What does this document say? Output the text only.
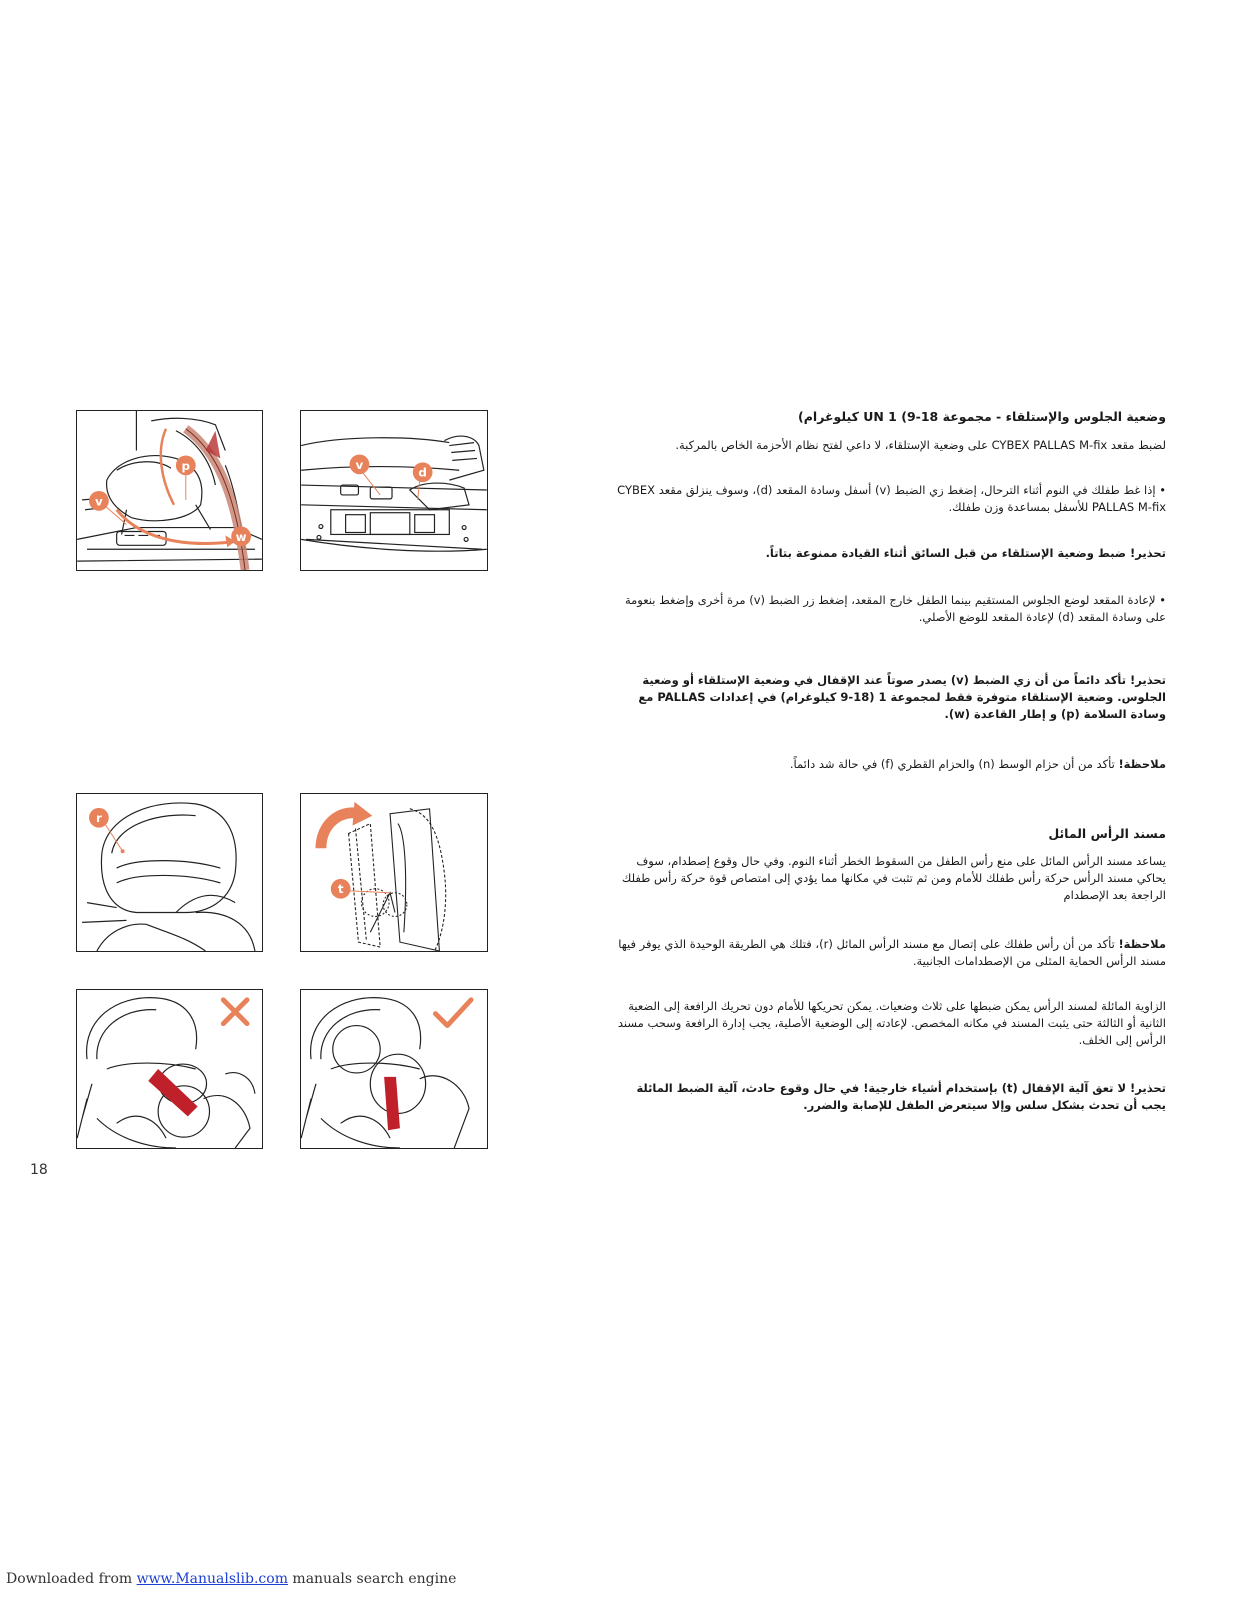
p
v
w
v
d
r
t
وضعية الجلوس والإستلقاء - مجموعة 18-9) 1 UN كيلوغرام)
لضبط مقعد CYBEX PALLAS M-fix على وضعية الإستلقاء، لا داعي لفتح نظام الأحزمة الخاص بالمركبة.
• إذا غط طفلك في النوم أثناء الترحال، إضغط زي الضبط (v) أسفل وسادة المقعد (d)، وسوف ينزلق مقعد CYBEX PALLAS M-fix للأسفل بمساعدة وزن طفلك.
تحذير! ضبط وضعية الإستلقاء من قبل السائق أثناء القيادة ممنوعة بتاتاً.
• لإعادة المقعد لوضع الجلوس المستقيم بينما الطفل خارج المقعد، إضغط زر الضبط (v) مرة أخرى وإضغط بنعومة على وسادة المقعد (d) لإعادة المقعد للوضع الأصلي.
تحذير! تأكد دائماً من أن زي الضبط (v) يصدر صوتاً عند الإقفال في وضعية الإستلقاء أو وضعية الجلوس. وضعية الإستلقاء متوفرة فقط لمجموعة 1 (18-9 كيلوغرام) في إعدادات PALLAS مع وسادة السلامة (p) و إطار القاعدة (w).
ملاحظة! تأكد من أن حزام الوسط (n) والحزام القطري (f) في حالة شد دائماً.
مسند الرأس المائل
يساعد مسند الرأس المائل على منع رأس الطفل من السقوط الخطر أثناء النوم. وفي حال وقوع إصطدام، سوف يحاكي مسند الرأس حركة رأس طفلك للأمام ومن ثم تثبت في مكانها مما يؤدي إلى امتصاص قوة حركة رأس طفلك الراجعة بعد الإصطدام
ملاحظة! تأكد من أن رأس طفلك على إتصال مع مسند الرأس المائل (r)، فتلك هي الطريقة الوحيدة الذي يوفر فيها مسند الرأس الحماية المثلى من الإصطدامات الجانبية.
الزاوية المائلة لمسند الرأس يمكن ضبطها على ثلاث وضعيات. يمكن تحريكها للأمام دون تحريك الرافعة إلى الضعية الثانية أو الثالثة حتى يثبت المسند في مكانه المخصص. لإعادته إلى الوضعية الأصلية، يجب إدارة الرافعة وسحب مسند الرأس إلى الخلف.
تحذير! لا تعق آلية الإقفال (t) بإستخدام أشياء خارجية! في حال وقوع حادث، آلية الضبط المائلة يجب أن تحدث بشكل سلس وإلا سيتعرض الطفل للإصابة والضرر.
18
Downloaded from www.Manualslib.com manuals search engine
